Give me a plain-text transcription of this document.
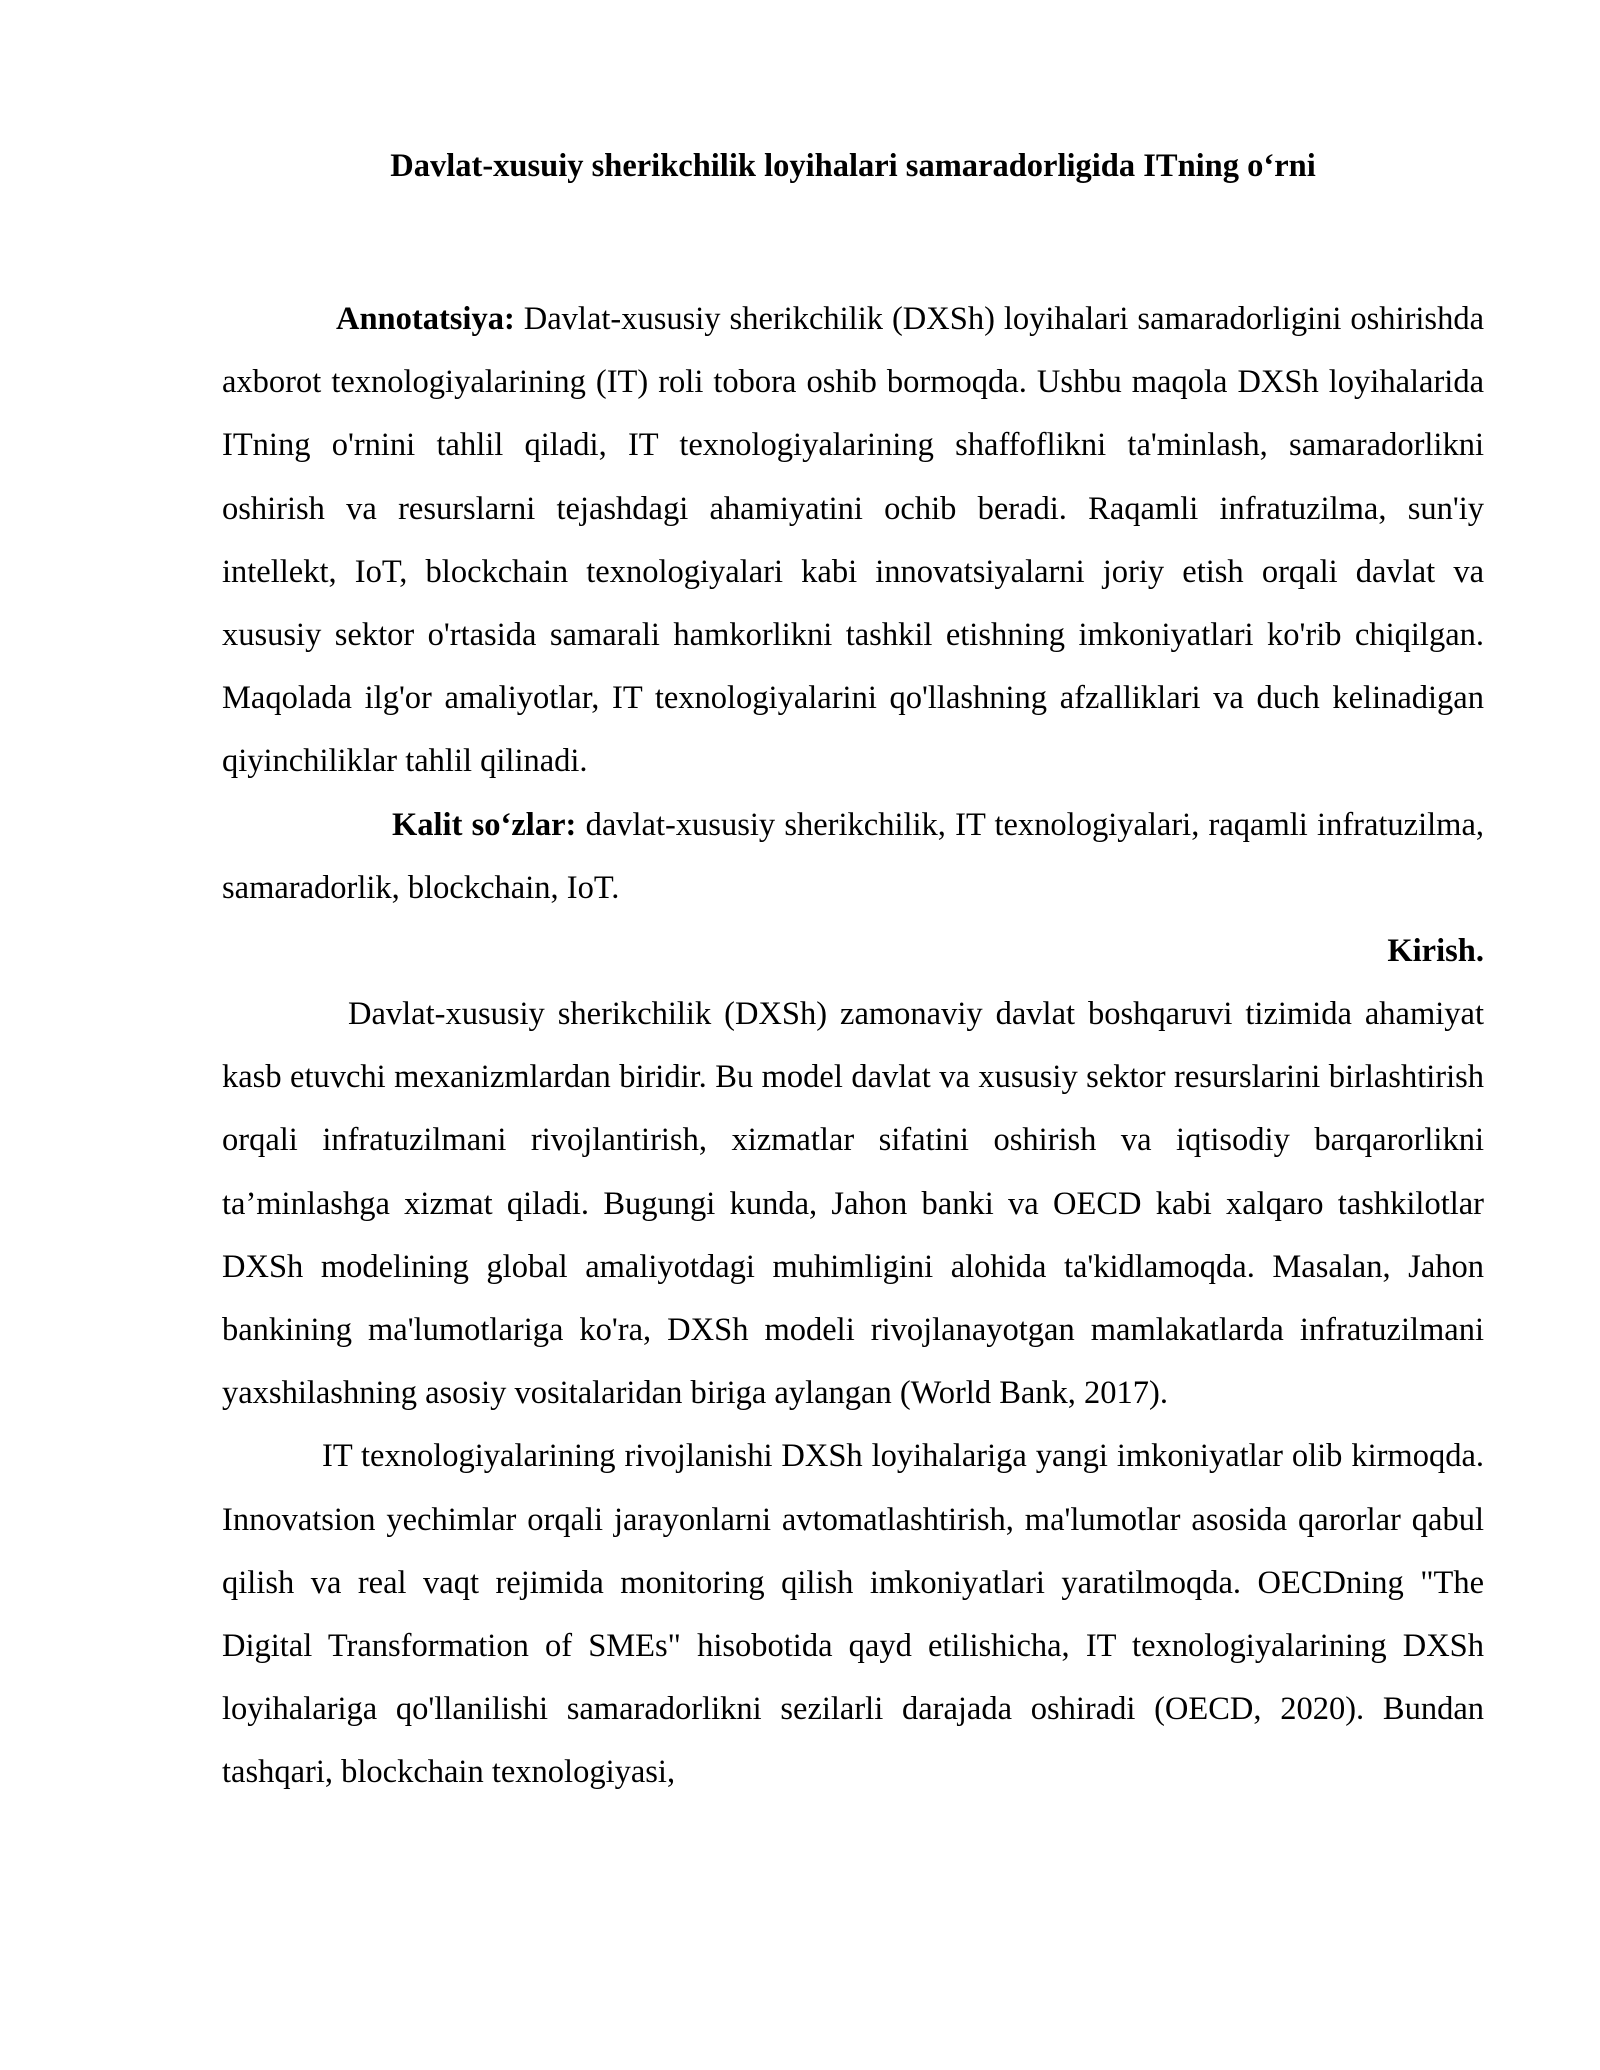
Davlat-xusuiy sherikchilik loyihalari samaradorligida ITning o‘rni

Annotatsiya: Davlat-xususiy sherikchilik (DXSh) loyihalari samaradorligini oshirishda axborot texnologiyalarining (IT) roli tobora oshib bormoqda. Ushbu maqola DXSh loyihalarida ITning o'rnini tahlil qiladi, IT texnologiyalarining shaffoflikni ta'minlash, samaradorlikni oshirish va resurslarni tejashdagi ahamiyatini ochib beradi. Raqamli infratuzilma, sun'iy intellekt, IoT, blockchain texnologiyalari kabi innovatsiyalarni joriy etish orqali davlat va xususiy sektor o'rtasida samarali hamkorlikni tashkil etishning imkoniyatlari ko'rib chiqilgan. Maqolada ilg'or amaliyotlar, IT texnologiyalarini qo'llashning afzalliklari va duch kelinadigan qiyinchiliklar tahlil qilinadi.

Kalit so‘zlar: davlat-xususiy sherikchilik, IT texnologiyalari, raqamli infratuzilma, samaradorlik, blockchain, IoT.

Kirish.

Davlat-xususiy sherikchilik (DXSh) zamonaviy davlat boshqaruvi tizimida ahamiyat kasb etuvchi mexanizmlardan biridir. Bu model davlat va xususiy sektor resurslarini birlashtirish orqali infratuzilmani rivojlantirish, xizmatlar sifatini oshirish va iqtisodiy barqarorlikni ta’minlashga xizmat qiladi. Bugungi kunda, Jahon banki va OECD kabi xalqaro tashkilotlar DXSh modelining global amaliyotdagi muhimligini alohida ta'kidlamoqda. Masalan, Jahon bankining ma'lumotlariga ko'ra, DXSh modeli rivojlanayotgan mamlakatlarda infratuzilmani yaxshilashning asosiy vositalaridan biriga aylangan (World Bank, 2017).

IT texnologiyalarining rivojlanishi DXSh loyihalariga yangi imkoniyatlar olib kirmoqda. Innovatsion yechimlar orqali jarayonlarni avtomatlashtirish, ma'lumotlar asosida qarorlar qabul qilish va real vaqt rejimida monitoring qilish imkoniyatlari yaratilmoqda. OECDning "The Digital Transformation of SMEs" hisobotida qayd etilishicha, IT texnologiyalarining DXSh loyihalariga qo'llanilishi samaradorlikni sezilarli darajada oshiradi (OECD, 2020). Bundan tashqari, blockchain texnologiyasi,
